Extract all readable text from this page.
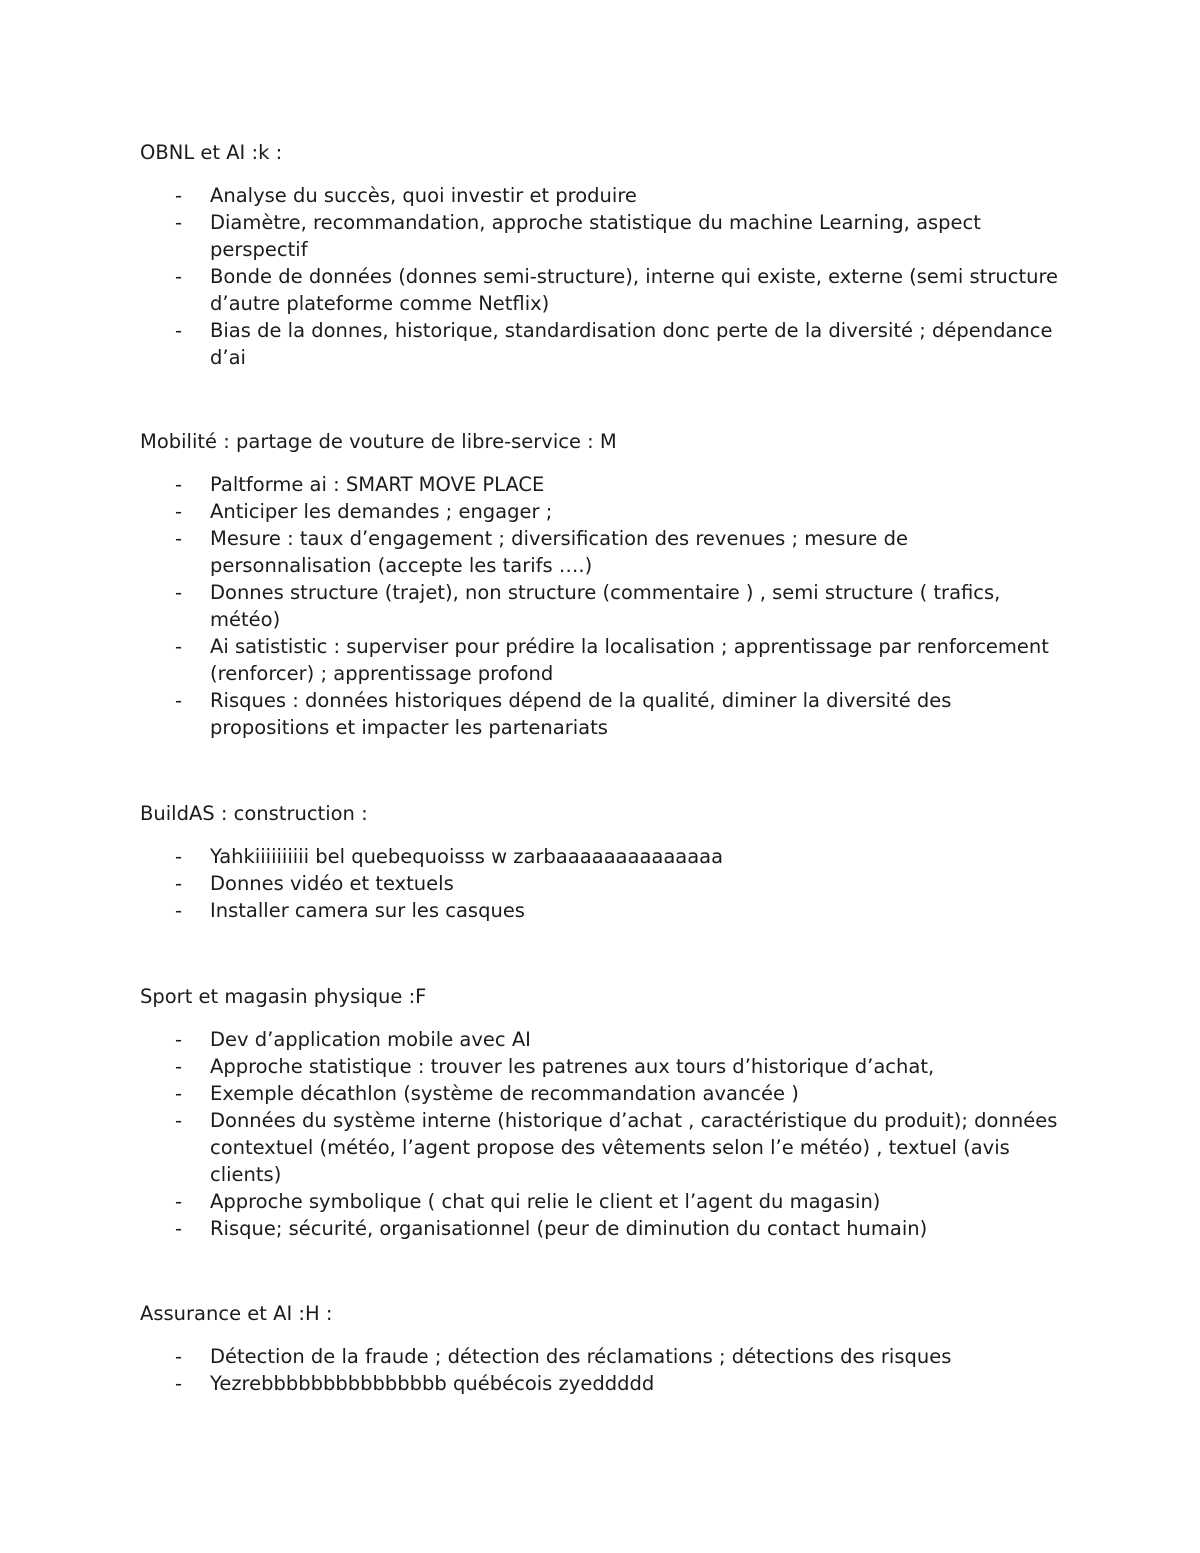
OBNL et AI :k :

- Analyse du succès, quoi investir et produire
- Diamètre, recommandation, approche statistique du machine Learning, aspect perspectif
- Bonde de données (donnes semi-structure), interne qui existe, externe (semi structure d’autre plateforme comme Netflix)
- Bias de la donnes, historique, standardisation donc perte de la diversité ; dépendance d’ai

Mobilité : partage de vouture de libre-service : M

- Paltforme ai : SMART MOVE PLACE
- Anticiper les demandes ; engager ;
- Mesure : taux d’engagement ; diversification des revenues ; mesure de personnalisation (accepte les tarifs ….)
- Donnes structure (trajet), non structure (commentaire ) , semi structure ( trafics, météo)
- Ai satististic : superviser pour prédire la localisation ; apprentissage par renforcement (renforcer) ; apprentissage profond
- Risques : données historiques dépend de la qualité, diminer la diversité des propositions et impacter les partenariats

BuildAS : construction :

- Yahkiiiiiiiiii bel quebequoisss w zarbaaaaaaaaaaaaaa
- Donnes vidéo et textuels
- Installer camera sur les casques

Sport et magasin physique :F

- Dev d’application mobile avec AI
- Approche statistique : trouver les patrenes aux tours d’historique d’achat,
- Exemple décathlon (système de recommandation avancée )
- Données du système interne (historique d’achat , caractéristique du produit); données contextuel (météo, l’agent propose des vêtements selon l’e météo) , textuel (avis clients)
- Approche symbolique ( chat qui relie le client et l’agent du magasin)
- Risque; sécurité, organisationnel (peur de diminution du contact humain)

Assurance et AI :H :

- Détection de la fraude ; détection des réclamations ; détections des risques
- Yezrebbbbbbbbbbbbbbb québécois zyeddddd
